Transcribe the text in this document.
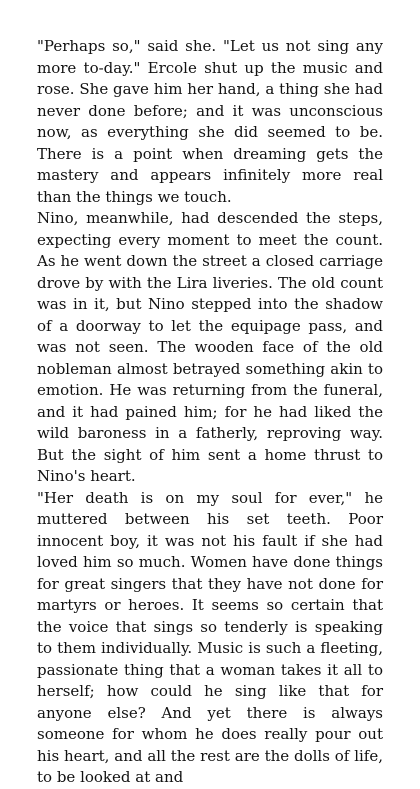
"Perhaps so," said she. "Let us not sing any more to-day." Ercole shut up the music and rose. She gave him her hand, a thing she had never done before; and it was unconscious now, as everything she did seemed to be. There is a point when dreaming gets the mastery and appears infinitely more real than the things we touch.

Nino, meanwhile, had descended the steps, expecting every moment to meet the count. As he went down the street a closed carriage drove by with the Lira liveries. The old count was in it, but Nino stepped into the shadow of a doorway to let the equipage pass, and was not seen. The wooden face of the old nobleman almost betrayed something akin to emotion. He was returning from the funeral, and it had pained him; for he had liked the wild baroness in a fatherly, reproving way. But the sight of him sent a home thrust to Nino's heart.

"Her death is on my soul for ever," he muttered between his set teeth. Poor innocent boy, it was not his fault if she had loved him so much. Women have done things for great singers that they have not done for martyrs or heroes. It seems so certain that the voice that sings so tenderly is speaking to them individually. Music is such a fleeting, passionate thing that a woman takes it all to herself; how could he sing like that for anyone else? And yet there is always someone for whom he does really pour out his heart, and all the rest are the dolls of life, to be looked at and
